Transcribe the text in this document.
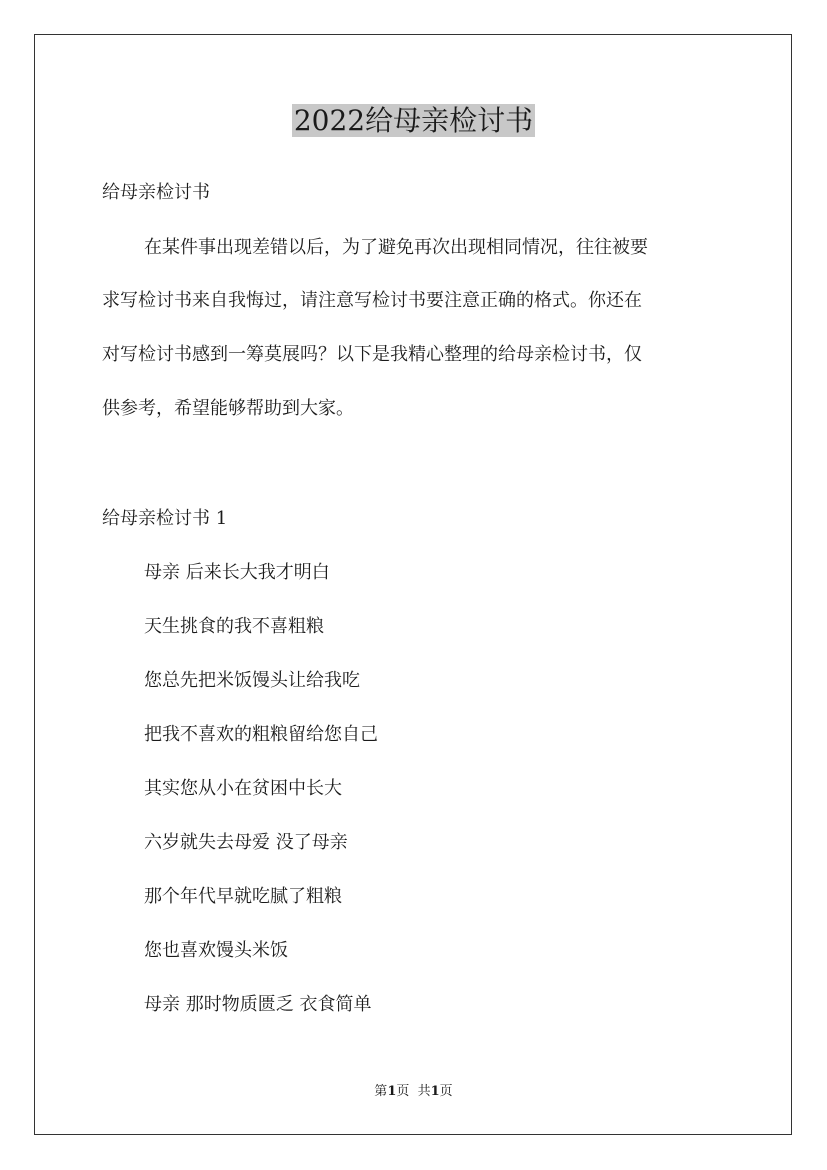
2022给母亲检讨书
给母亲检讨书
在某件事出现差错以后，为了避免再次出现相同情况，往往被要
求写检讨书来自我悔过，请注意写检讨书要注意正确的格式。你还在
对写检讨书感到一筹莫展吗？以下是我精心整理的给母亲检讨书，仅
供参考，希望能够帮助到大家。
给母亲检讨书 1
母亲 后来长大我才明白
天生挑食的我不喜粗粮
您总先把米饭馒头让给我吃
把我不喜欢的粗粮留给您自己
其实您从小在贫困中长大
六岁就失去母爱 没了母亲
那个年代早就吃腻了粗粮
您也喜欢馒头米饭
母亲 那时物质匮乏 衣食简单
第1页  共1页
